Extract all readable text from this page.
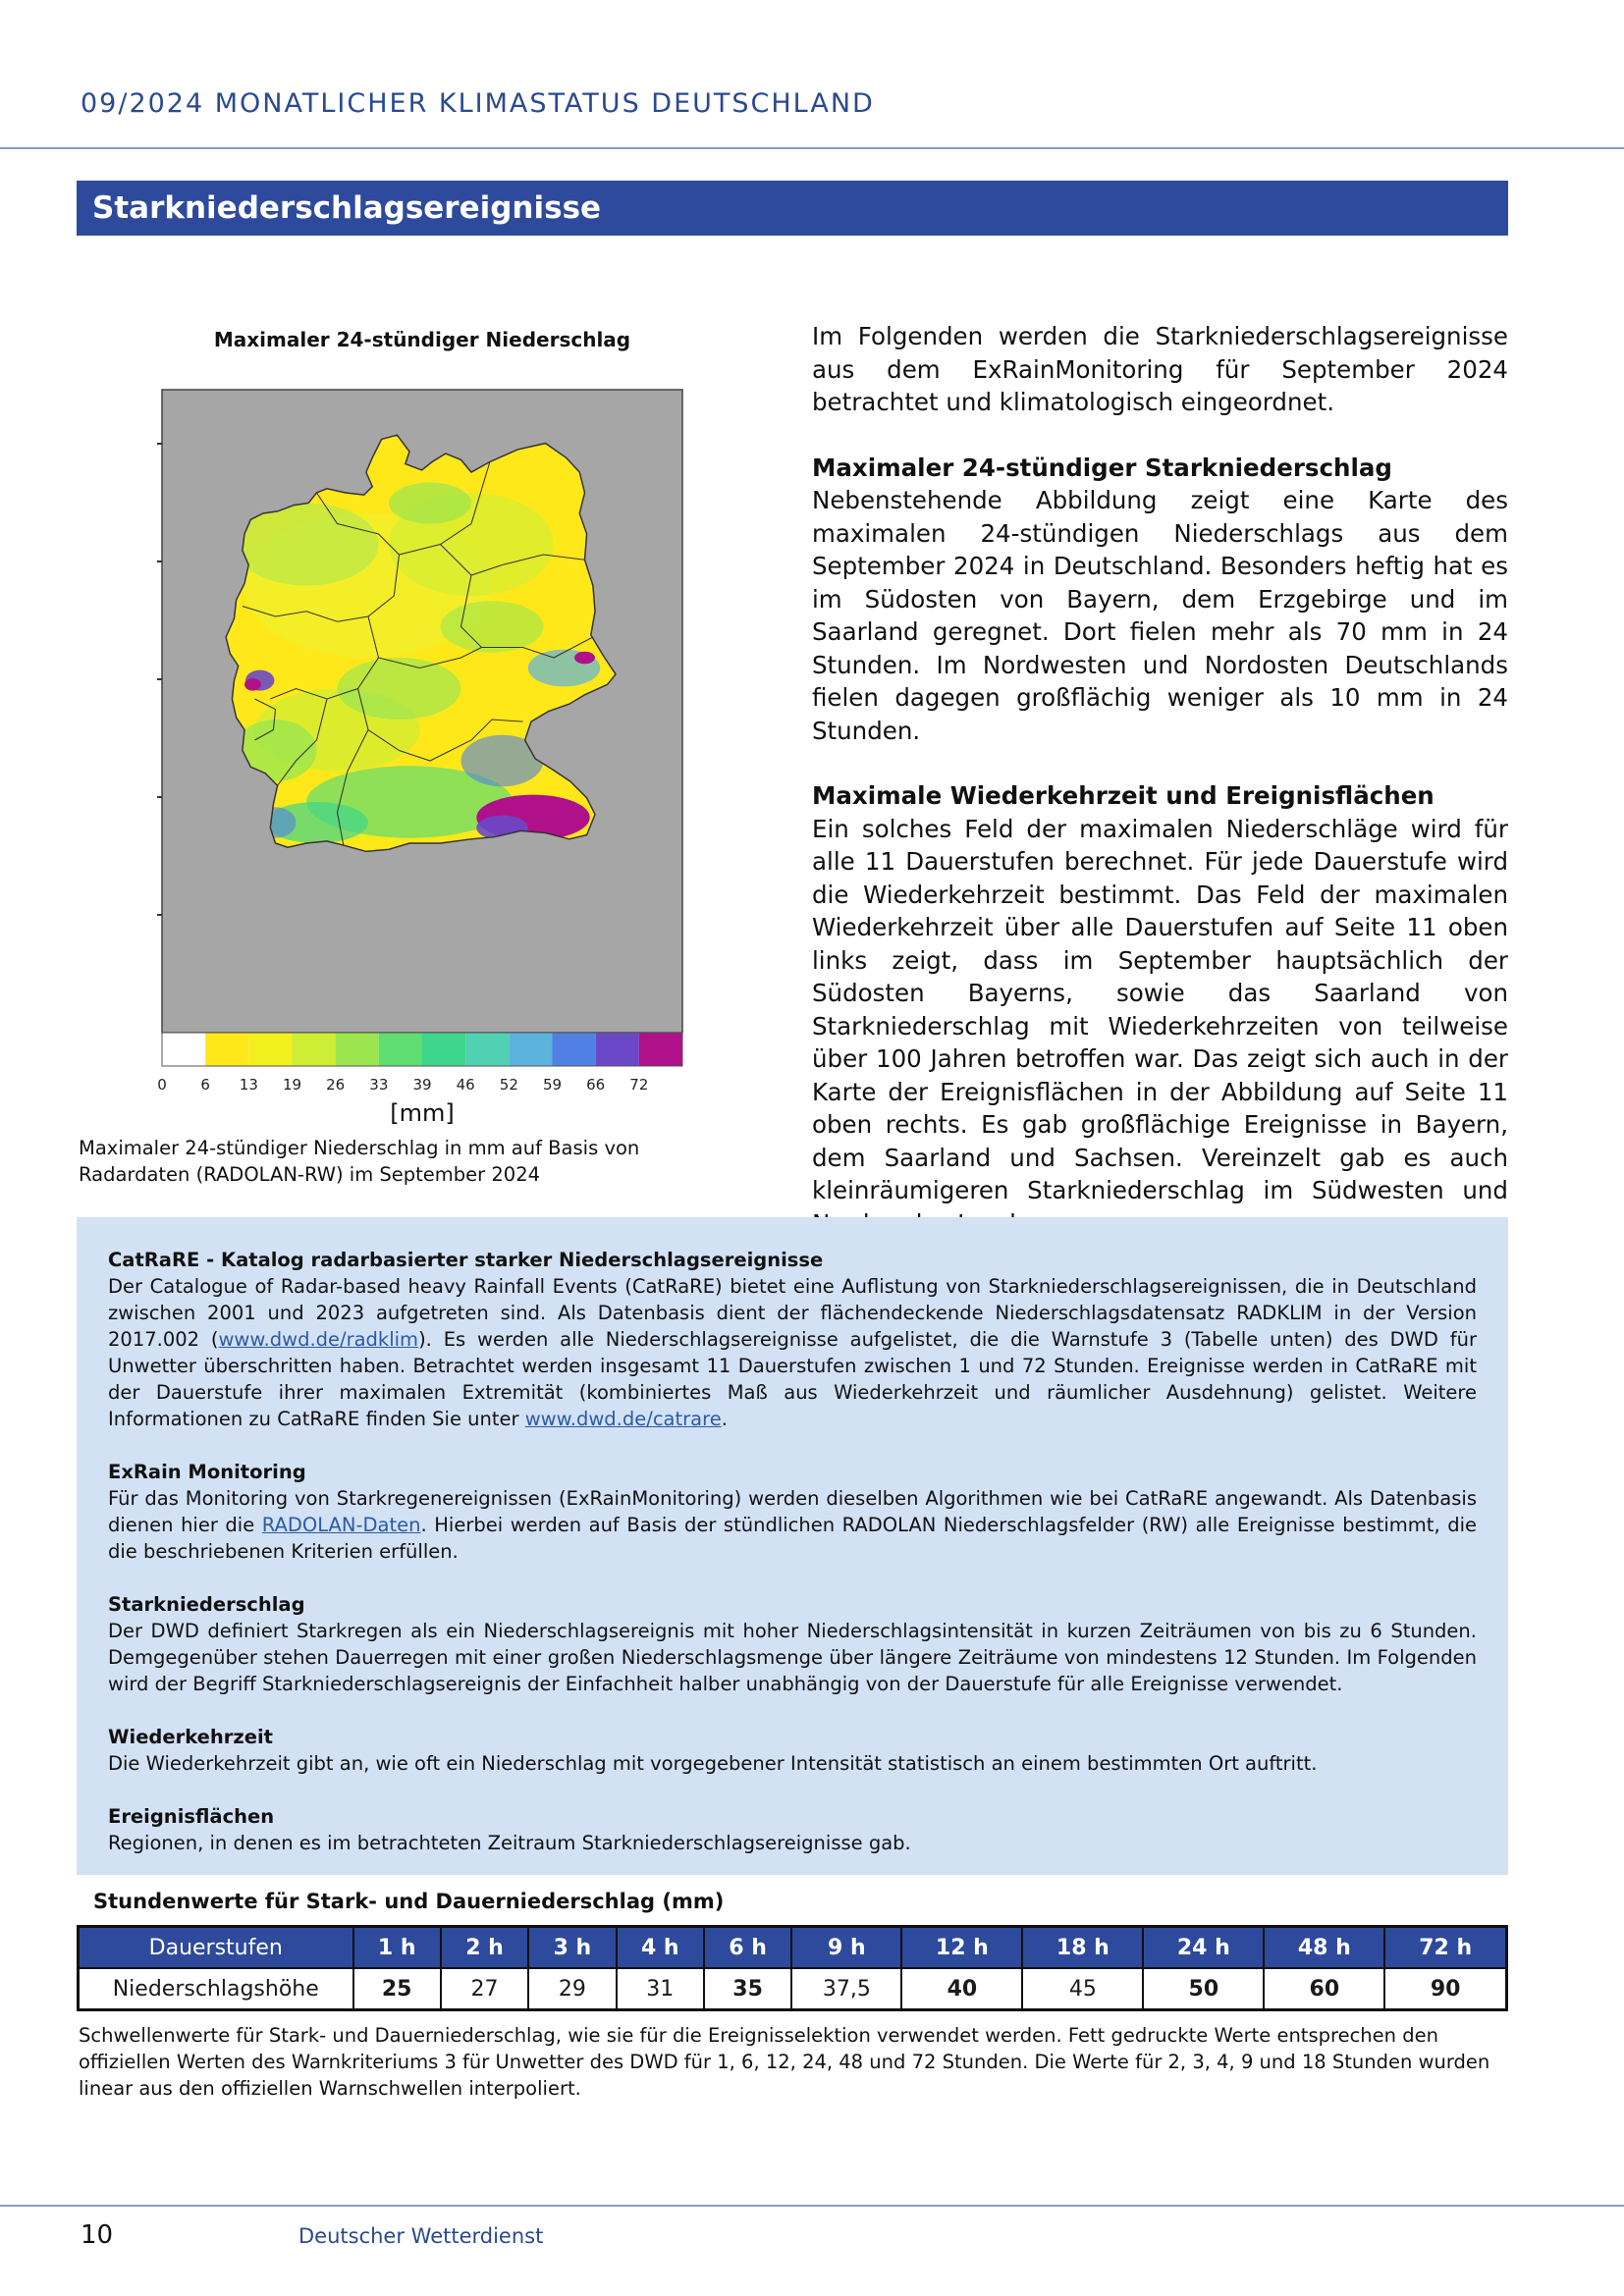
09/2024 MONATLICHER KLIMASTATUS DEUTSCHLAND
Starkniederschlagsereignisse
Maximaler 24-stündiger Niederschlag
0 6 13 19 26 33 39 46 52 59 66 72
[mm]
Maximaler 24-stündiger Niederschlag in mm auf Basis von Radardaten (RADOLAN-RW) im September 2024

Im Folgenden werden die Starkniederschlagsereignisse aus dem ExRainMonitoring für September 2024 betrachtet und klimatologisch eingeordnet.

Maximaler 24-stündiger Starkniederschlag

Nebenstehende Abbildung zeigt eine Karte des maximalen 24-stündigen Niederschlags aus dem September 2024 in Deutschland. Besonders heftig hat es im Südosten von Bayern, dem Erzgebirge und im Saarland geregnet. Dort fielen mehr als 70 mm in 24 Stunden. Im Nordwesten und Nordosten Deutschlands fielen dagegen großflächig weniger als 10 mm in 24 Stunden.

Maximale Wiederkehrzeit und Ereignisflächen

Ein solches Feld der maximalen Niederschläge wird für alle 11 Dauerstufen berechnet. Für jede Dauerstufe wird die Wiederkehrzeit bestimmt. Das Feld der maximalen Wiederkehrzeit über alle Dauerstufen auf Seite 11 oben links zeigt, dass im September hauptsächlich der Südosten Bayerns, sowie das Saarland von Starkniederschlag mit Wiederkehrzeiten von teilweise über 100 Jahren betroffen war. Das zeigt sich auch in der Karte der Ereignisflächen in der Abbildung auf Seite 11 oben rechts. Es gab großflächige Ereignisse in Bayern, dem Saarland und Sachsen. Vereinzelt gab es auch kleinräumigeren Starkniederschlag im Südwesten und

CatRaRE - Katalog radarbasierter starker Niederschlagsereignisse

Der Catalogue of Radar-based heavy Rainfall Events (CatRaRE) bietet eine Auflistung von Starkniederschlagsereignissen, die in Deutschland zwischen 2001 und 2023 aufgetreten sind. Als Datenbasis dient der flächendeckende Niederschlagsdatensatz RADKLIM in der Version 2017.002 (www.dwd.de/radklim). Es werden alle Niederschlagsereignisse aufgelistet, die die Warnstufe 3 (Tabelle unten) des DWD für Unwetter überschritten haben. Betrachtet werden insgesamt 11 Dauerstufen zwischen 1 und 72 Stunden. Ereignisse werden in CatRaRE mit der Dauerstufe ihrer maximalen Extremität (kombiniertes Maß aus Wiederkehrzeit und räumlicher Ausdehnung) gelistet. Weitere Informationen zu CatRaRE finden Sie unter www.dwd.de/catrare.

ExRain Monitoring

Für das Monitoring von Starkregenereignissen (ExRainMonitoring) werden dieselben Algorithmen wie bei CatRaRE angewandt. Als Datenbasis dienen hier die RADOLAN-Daten. Hierbei werden auf Basis der stündlichen RADOLAN Niederschlagsfelder (RW) alle Ereignisse bestimmt, die die beschriebenen Kriterien erfüllen.

Starkniederschlag

Der DWD definiert Starkregen als ein Niederschlagsereignis mit hoher Niederschlagsintensität in kurzen Zeiträumen von bis zu 6 Stunden. Demgegenüber stehen Dauerregen mit einer großen Niederschlagsmenge über längere Zeiträume von mindestens 12 Stunden. Im Folgenden wird der Begriff Starkniederschlagsereignis der Einfachheit halber unabhängig von der Dauerstufe für alle Ereignisse verwendet.

Wiederkehrzeit

Die Wiederkehrzeit gibt an, wie oft ein Niederschlag mit vorgegebener Intensität statistisch an einem bestimmten Ort auftritt.

Ereignisflächen

Regionen, in denen es im betrachteten Zeitraum Starkniederschlagsereignisse gab.

Stundenwerte für Stark- und Dauerniederschlag (mm)
Dauerstufen	1 h	2 h	3 h	4 h	6 h	9 h	12 h	18 h	24 h	48 h	72 h
Niederschlagshöhe	25	27	29	31	35	37,5	40	45	50	60	90
Schwellenwerte für Stark- und Dauerniederschlag, wie sie für die Ereignisselektion verwendet werden. Fett gedruckte Werte entsprechen den offiziellen Werten des Warnkriteriums 3 für Unwetter des DWD für 1, 6, 12, 24, 48 und 72 Stunden. Die Werte für 2, 3, 4, 9 und 18 Stunden wurden linear aus den offiziellen Warnschwellen interpoliert.
10	Deutscher Wetterdienst
